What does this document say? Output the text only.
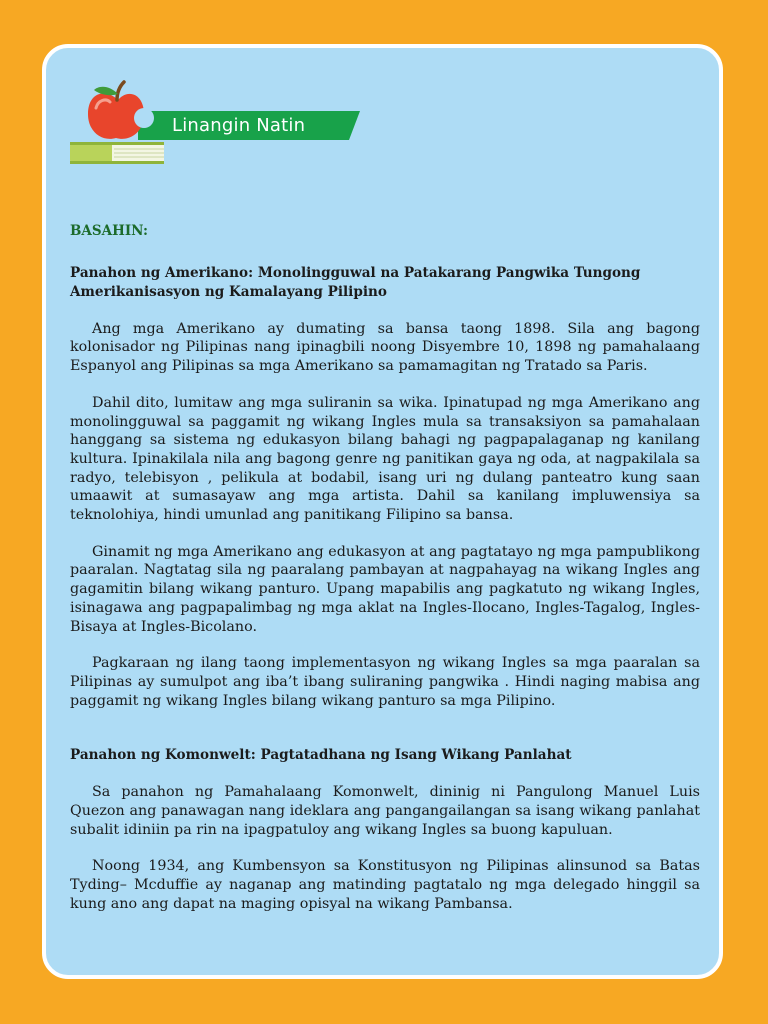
Linangin Natin
BASAHIN:
Panahon ng Amerikano: Monolingguwal na Patakarang Pangwika Tungong Amerikanisasyon ng Kamalayang Pilipino

Ang mga Amerikano ay dumating sa bansa taong 1898. Sila ang bagong kolonisador ng Pilipinas nang ipinagbili noong Disyembre 10, 1898 ng pamahalaang Espanyol ang Pilipinas sa mga Amerikano sa pamamagitan ng Tratado sa Paris.

Dahil dito, lumitaw ang mga suliranin sa wika. Ipinatupad ng mga Amerikano ang monolingguwal sa paggamit ng wikang Ingles mula sa transaksiyon sa pamahalaan hanggang sa sistema ng edukasyon bilang bahagi ng pagpapalaganap ng kanilang kultura. Ipinakilala nila ang bagong genre ng panitikan gaya ng oda, at nagpakilala sa radyo, telebisyon , pelikula at bodabil, isang uri ng dulang panteatro kung saan umaawit at sumasayaw ang mga artista. Dahil sa kanilang impluwensiya sa teknolohiya, hindi umunlad ang panitikang Filipino sa bansa.

Ginamit ng mga Amerikano ang edukasyon at ang pagtatayo ng mga pampublikong paaralan. Nagtatag sila ng paaralang pambayan at nagpahayag na wikang Ingles ang gagamitin bilang wikang panturo. Upang mapabilis ang pagkatuto ng wikang Ingles, isinagawa ang pagpapalimbag ng mga aklat na Ingles-Ilocano, Ingles-Tagalog, Ingles-Bisaya at Ingles-Bicolano.

Pagkaraan ng ilang taong implementasyon ng wikang Ingles sa mga paaralan sa Pilipinas ay sumulpot ang iba’t ibang suliraning pangwika . Hindi naging mabisa ang paggamit ng wikang Ingles bilang wikang panturo sa mga Pilipino.

Panahon ng Komonwelt: Pagtatadhana ng Isang Wikang Panlahat

Sa panahon ng Pamahalaang Komonwelt, dininig ni Pangulong Manuel Luis Quezon ang panawagan nang ideklara ang pangangailangan sa isang wikang panlahat subalit idiniin pa rin na ipagpatuloy ang wikang Ingles sa buong kapuluan.

Noong 1934, ang Kumbensyon sa Konstitusyon ng Pilipinas alinsunod sa Batas Tyding– Mcduffie ay naganap ang matinding pagtatalo ng mga delegado hinggil sa kung ano ang dapat na maging opisyal na wikang Pambansa.
